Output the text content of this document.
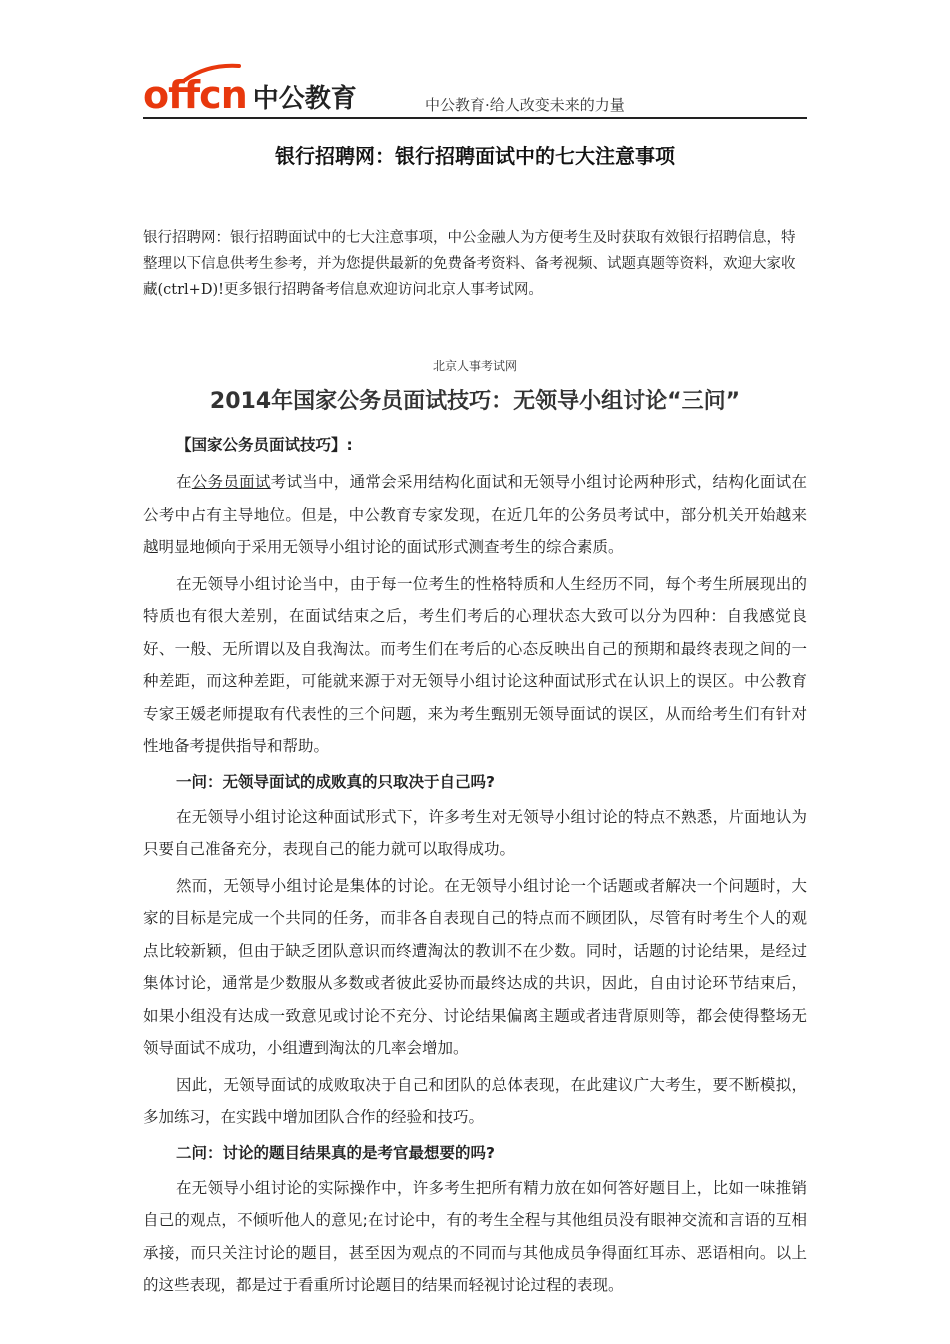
offcn 中公教育	中公教育·给人改变未来的力量
银行招聘网：银行招聘面试中的七大注意事项
银行招聘网：银行招聘面试中的七大注意事项，中公金融人为方便考生及时获取有效银行招聘信息，特整理以下信息供考生参考，并为您提供最新的免费备考资料、备考视频、试题真题等资料，欢迎大家收藏(ctrl+D)!更多银行招聘备考信息欢迎访问北京人事考试网。
北京人事考试网
2014年国家公务员面试技巧：无领导小组讨论“三问”
【国家公务员面试技巧】:

在公务员面试考试当中，通常会采用结构化面试和无领导小组讨论两种形式，结构化面试在公考中占有主导地位。但是，中公教育专家发现，在近几年的公务员考试中，部分机关开始越来越明显地倾向于采用无领导小组讨论的面试形式测查考生的综合素质。

在无领导小组讨论当中，由于每一位考生的性格特质和人生经历不同，每个考生所展现出的特质也有很大差别，在面试结束之后，考生们考后的心理状态大致可以分为四种：自我感觉良好、一般、无所谓以及自我淘汰。而考生们在考后的心态反映出自己的预期和最终表现之间的一种差距，而这种差距，可能就来源于对无领导小组讨论这种面试形式在认识上的误区。中公教育专家王媛老师提取有代表性的三个问题，来为考生甄别无领导面试的误区，从而给考生们有针对性地备考提供指导和帮助。

一问：无领导面试的成败真的只取决于自己吗?

在无领导小组讨论这种面试形式下，许多考生对无领导小组讨论的特点不熟悉，片面地认为只要自己准备充分，表现自己的能力就可以取得成功。

然而，无领导小组讨论是集体的讨论。在无领导小组讨论一个话题或者解决一个问题时，大家的目标是完成一个共同的任务，而非各自表现自己的特点而不顾团队，尽管有时考生个人的观点比较新颖，但由于缺乏团队意识而终遭淘汰的教训不在少数。同时，话题的讨论结果，是经过集体讨论，通常是少数服从多数或者彼此妥协而最终达成的共识，因此，自由讨论环节结束后，如果小组没有达成一致意见或讨论不充分、讨论结果偏离主题或者违背原则等，都会使得整场无领导面试不成功，小组遭到淘汰的几率会增加。

因此，无领导面试的成败取决于自己和团队的总体表现，在此建议广大考生，要不断模拟，多加练习，在实践中增加团队合作的经验和技巧。

二问：讨论的题目结果真的是考官最想要的吗?

在无领导小组讨论的实际操作中，许多考生把所有精力放在如何答好题目上，比如一味推销自己的观点，不倾听他人的意见;在讨论中，有的考生全程与其他组员没有眼神交流和言语的互相承接，而只关注讨论的题目，甚至因为观点的不同而与其他成员争得面红耳赤、恶语相向。以上的这些表现，都是过于看重所讨论题目的结果而轻视讨论过程的表现。
